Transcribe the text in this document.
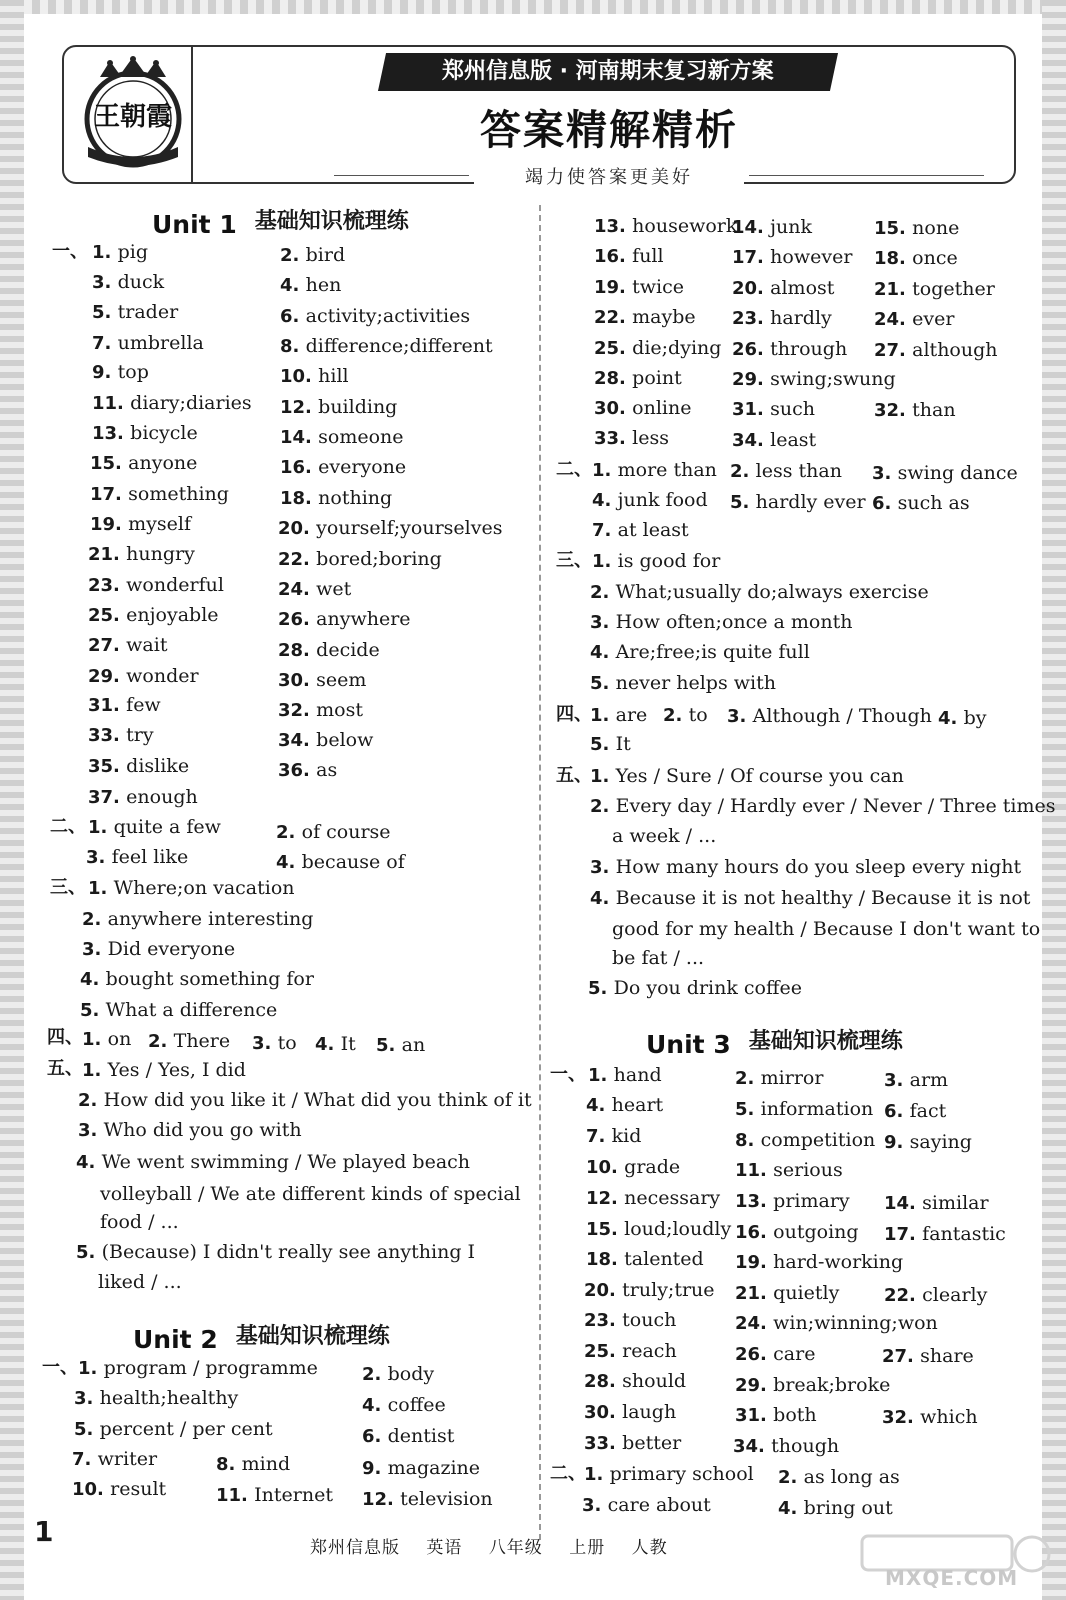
王朝霞
郑州信息版 · 河南期末复习新方案
答案精解精析
竭力使答案更美好
Unit 1 基础知识梳理练
Unit 2 基础知识梳理练
Unit 3 基础知识梳理练
一、
二、
三、
四、
五、
一、
二、
三、
四、
五、
一、
二、
1. pig	2. bird
3. duck	4. hen
5. trader	6. activity;activities
7. umbrella	8. difference;different
9. top	10. hill
11. diary;diaries 12. building
13. bicycle	14. someone
15. anyone	16. everyone
17. something	18. nothing
19. myself	20. yourself;yourselves
21. hungry	22. bored;boring
23. wonderful	24. wet
25. enjoyable	26. anywhere
27. wait	28. decide
29. wonder	30. seem
31. few	32. most
33. try	34. below
35. dislike	36. as
37. enough
1. quite a few	2. of course
3. feel like	4. because of
1. Where;on vacation
2. anywhere interesting
3. Did everyone
4. bought something for
5. What a difference
1. on 2. There 3. to 4. It 5. an
1. Yes / Yes, I did
2. How did you like it / What did you think of it
3. Who did you go with
4. We went swimming / We played beach
volleyball / We ate different kinds of special
food / ...
5. (Because) I didn't really see anything I
liked / ...
1. program / programme 2. body
3. health;healthy	4. coffee
5. percent / per cent	6. dentist
7. writer	8. mind	9. magazine
10. result	11. Internet 12. television
13. housework
14. junk	15. none
16. full	17. however 18. once
19. twice	20. almost 21. together
22. maybe 23. hardly 24. ever
25. die;dying 26. through 27. although
28. point	29. swing;swung
30. online 31. such	32. than
33. less	34. least
1. more than 2. less than 3. swing dance
4. junk food 5. hardly ever 6. such as
7. at least
1. is good for
2. What;usually do;always exercise
3. How often;once a month
4. Are;free;is quite full
5. never helps with
1. are 2. to 3. Although / Though 4. by
5. It
1. Yes / Sure / Of course you can
2. Every day / Hardly ever / Never / Three times
a week / ...
3. How many hours do you sleep every night
4. Because it is not healthy / Because it is not
good for my health / Because I don't want to
be fat / ...
5. Do you drink coffee
1. hand	2. mirror	3. arm
4. heart	5. information 6. fact
7. kid	8. competition 9. saying
10. grade	11. serious
12. necessary 13. primary 14. similar
15. loud;loudly 16. outgoing 17. fantastic
18. talented 19. hard-working
20. truly;true 21. quietly 22. clearly
23. touch	24. win;winning;won
25. reach	26. care	27. share
28. should	29. break;broke
30. laugh	31. both	32. which
33. better	34. though
1. primary school 2. as long as
3. care about	4. bring out
1	郑州信息版 英语 八年级 上册 人教
MXQE.COM
